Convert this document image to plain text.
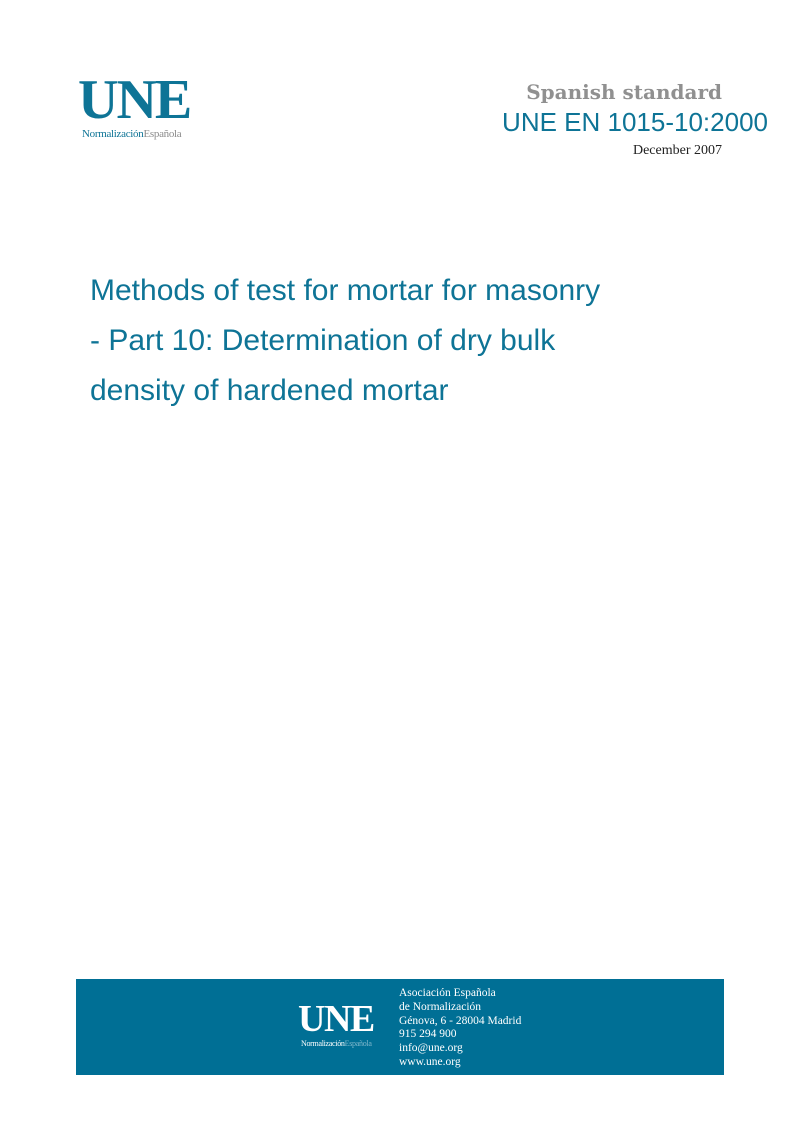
UNE
NormalizaciónEspañola
Spanish standard
UNE EN 1015-10:2000
December 2007
Methods of test for mortar for masonry
- Part 10: Determination of dry bulk
density of hardened mortar
UNE
NormalizaciónEspañola
Asociación Española
de Normalización
Génova, 6 - 28004 Madrid
915 294 900
info@une.org
www.une.org
